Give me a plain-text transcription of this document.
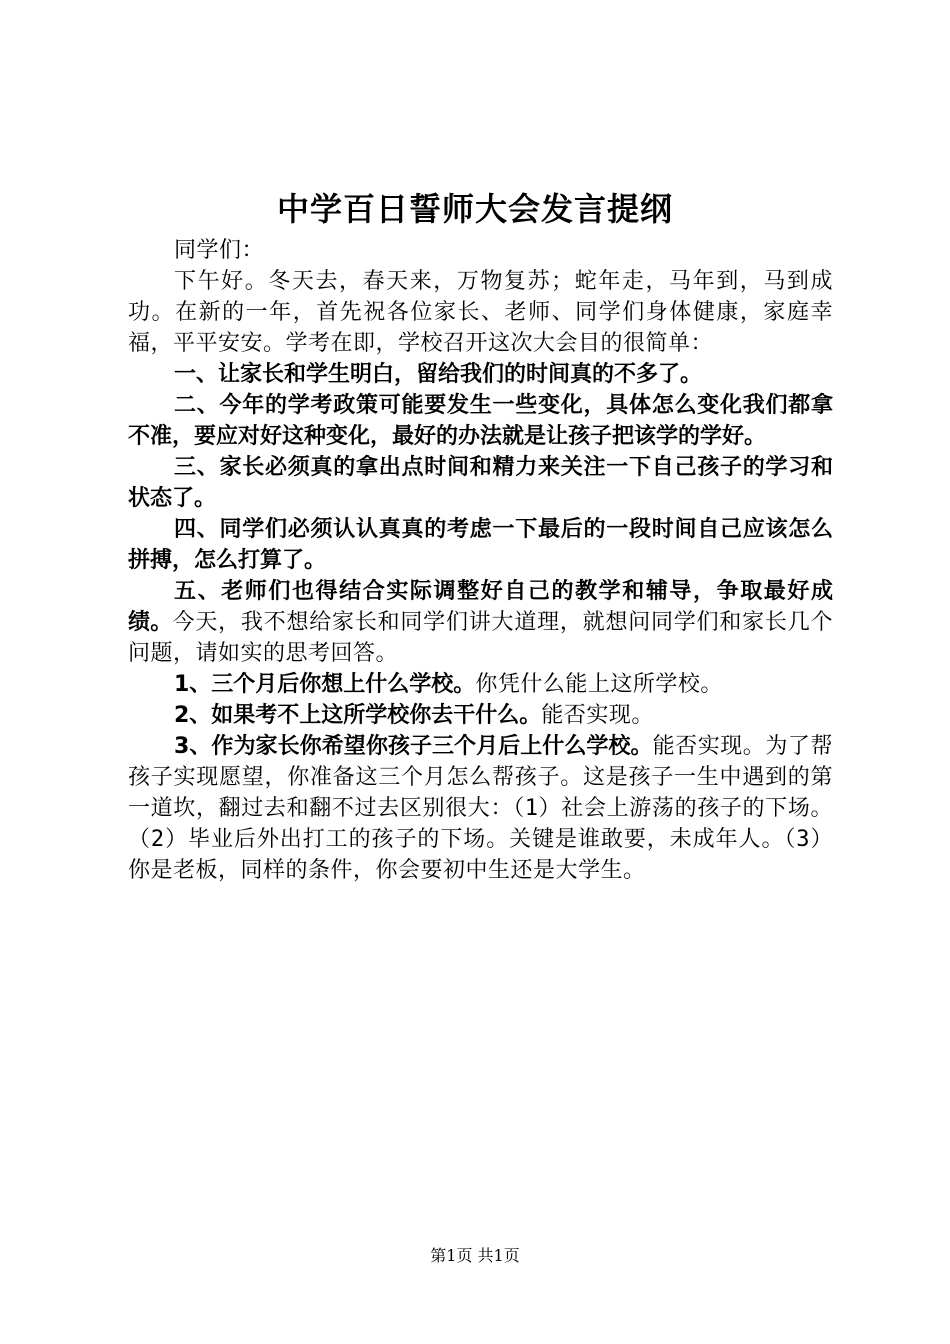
中学百日誓师大会发言提纲

同学们：

下午好。冬天去，春天来，万物复苏；蛇年走，马年到，马到成功。在新的一年，首先祝各位家长、老师、同学们身体健康，家庭幸福，平平安安。学考在即，学校召开这次大会目的很简单：

一、让家长和学生明白，留给我们的时间真的不多了。

二、今年的学考政策可能要发生一些变化，具体怎么变化我们都拿不准，要应对好这种变化，最好的办法就是让孩子把该学的学好。

三、家长必须真的拿出点时间和精力来关注一下自己孩子的学习和状态了。

四、同学们必须认认真真的考虑一下最后的一段时间自己应该怎么拼搏，怎么打算了。

五、老师们也得结合实际调整好自己的教学和辅导，争取最好成绩。今天，我不想给家长和同学们讲大道理，就想问同学们和家长几个问题，请如实的思考回答。

1、三个月后你想上什么学校。你凭什么能上这所学校。

2、如果考不上这所学校你去干什么。能否实现。

3、作为家长你希望你孩子三个月后上什么学校。能否实现。为了帮孩子实现愿望，你准备这三个月怎么帮孩子。这是孩子一生中遇到的第一道坎，翻过去和翻不过去区别很大：（1）社会上游荡的孩子的下场。（2）毕业后外出打工的孩子的下场。关键是谁敢要，未成年人。（3）你是老板，同样的条件，你会要初中生还是大学生。

第1页 共1页
